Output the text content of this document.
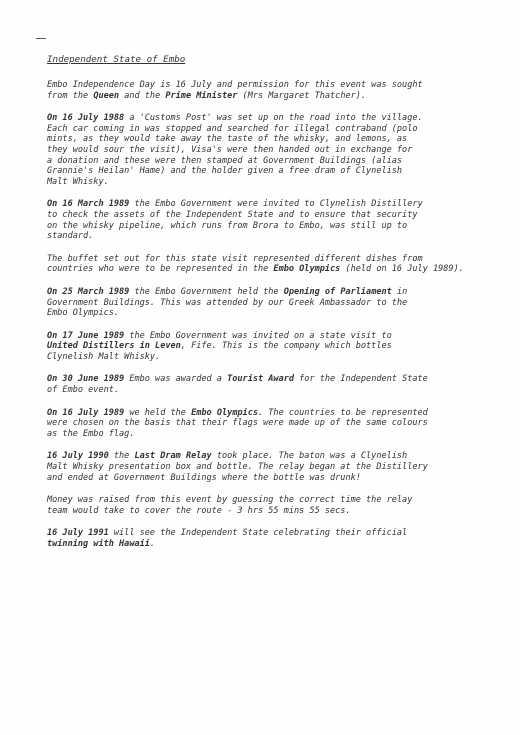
Independent State of Embo

Embo Independence Day is 16 July and permission for this event was sought
from the Queen and the Prime Minister (Mrs Margaret Thatcher).

On 16 July 1988 a 'Customs Post' was set up on the road into the village.
Each car coming in was stopped and searched for illegal contraband (polo
mints, as they would take away the taste of the whisky, and lemons, as
they would sour the visit), Visa's were then handed out in exchange for
a donation and these were then stamped at Government Buildings (alias
Grannie's Heilan' Hame) and the holder given a free dram of Clynelish
Malt Whisky.

On 16 March 1989 the Embo Government were invited to Clynelish Distillery
to check the assets of the Independent State and to ensure that security
on the whisky pipeline, which runs from Brora to Embo, was still up to
standard.

The buffet set out for this state visit represented different dishes from
countries who were to be represented in the Embo Olympics (held on 16 July 1989).

On 25 March 1989 the Embo Government held the Opening of Parliament in
Government Buildings. This was attended by our Greek Ambassador to the
Embo Olympics.

On 17 June 1989 the Embo Government was invited on a state visit to
United Distillers in Leven, Fife. This is the company which bottles
Clynelish Malt Whisky.

On 30 June 1989 Embo was awarded a Tourist Award for the Independent State
of Embo event.

On 16 July 1989 we held the Embo Olympics. The countries to be represented
were chosen on the basis that their flags were made up of the same colours
as the Embo flag.

16 July 1990 the Last Dram Relay took place. The baton was a Clynelish
Malt Whisky presentation box and bottle. The relay began at the Distillery
and ended at Government Buildings where the bottle was drunk!

Money was raised from this event by guessing the correct time the relay
team would take to cover the route - 3 hrs 55 mins 55 secs.

16 July 1991 will see the Independent State celebrating their official
twinning with Hawaii.
